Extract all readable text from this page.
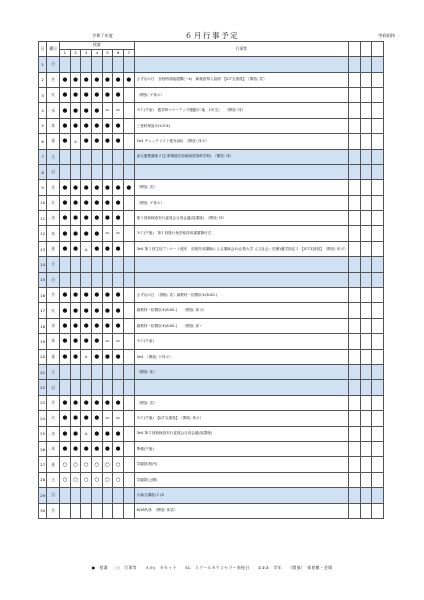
令和７年度	６月行事予定	甲府昭和
日	曜日	授業							行事等			
		1	2	3	4	5	6	7				
1	日											
2	月	●	●	●	●	●	●	●	さずなの日　各校時面接週間(～4)　新検査導入説明　【ICT支援員】　（開放: 武）			
3	火	●	●	●	●	●	●		（開放: ゲ体ボ）			
4	水	●	●	●	●	SC	SC		ＳＣ(午前)　通学時マナーアップ運動(Ｃ地　1年生)　　（開放: 体）			
5	木	●	●	●	●	●	●		三者科保説①(①②③)			
6	金	●	A	●	●	●	●		2h4 チェックリスト配布(副)　（開放: 体ボ）			
7	土								高大連携講座２(生命環境学部地域食物科学科)　（開放: 体）			
8	日											
9	月	●	●	●	●	●	●	●	（開放: 武）			
10	火	●	●	●	●	●	●		（開放: ゲ体ボ）			
11	水	●	●	●	●	●	●		第１回新検査実行委員会合同会議(放課後)　（開放: 体）			
12	木	●	●	●	●	SC	SC		ＳＣ(午後)　第１回県行免許取得用書書類付式			
13	金	●	●	A	●	●	●		3h4 第１回生徒アンケート配布　前規外部講師による講演会①(山梨大学 人文社会・医療)運学指定１ 【ICT支援員】　（開放: 体ボ）			
14	土											
15	日											
16	月	●	●	●	●	●	●		さずなの日　（開放: 武）副教材一括徴収①(8:00-)			
17	火	●	●	●	●	●	●		副教材一括徴収②(8:00-)　　（開放: 体ボ）			
18	水	●	●	●	●	●	●		副教材一括徴収③(8:00-)　　（開放: 体）			
19	木	●	●	●	●	SC	SC		ＳＣ(午前)			
20	金	●	●	A	●	●	●		3h4　（開放: ゲ体ボ）			
21	土								（開放: 体）			
22	日											
23	月	●	●	●	●	●	●		（開放: 武）			
24	火	●	●	●	●	SC	SC		ＳＣ(午後)　【ICT支援員】　（開放: 体ボ）			
25	水	●	●	A	●	●	●		3h4 第２回新検査実行委員会合同会議(放課後)			
26	木	●	●	●	●	●	●		準備(午後)			
27	金	○	○	○	○	○	○		学園祭(校内)			
28	土	○	○	○	○	○	○		学園祭(公開)			
29	日								小論文講座(２)③			
30	月								6/28代休　（開放: 体武）			
●　授業　　○　行事等　　Ａ(h)　カセット　　SC　スクールカウンセラー来校日　　①②③　学年　　（開放）　体育館・会場
